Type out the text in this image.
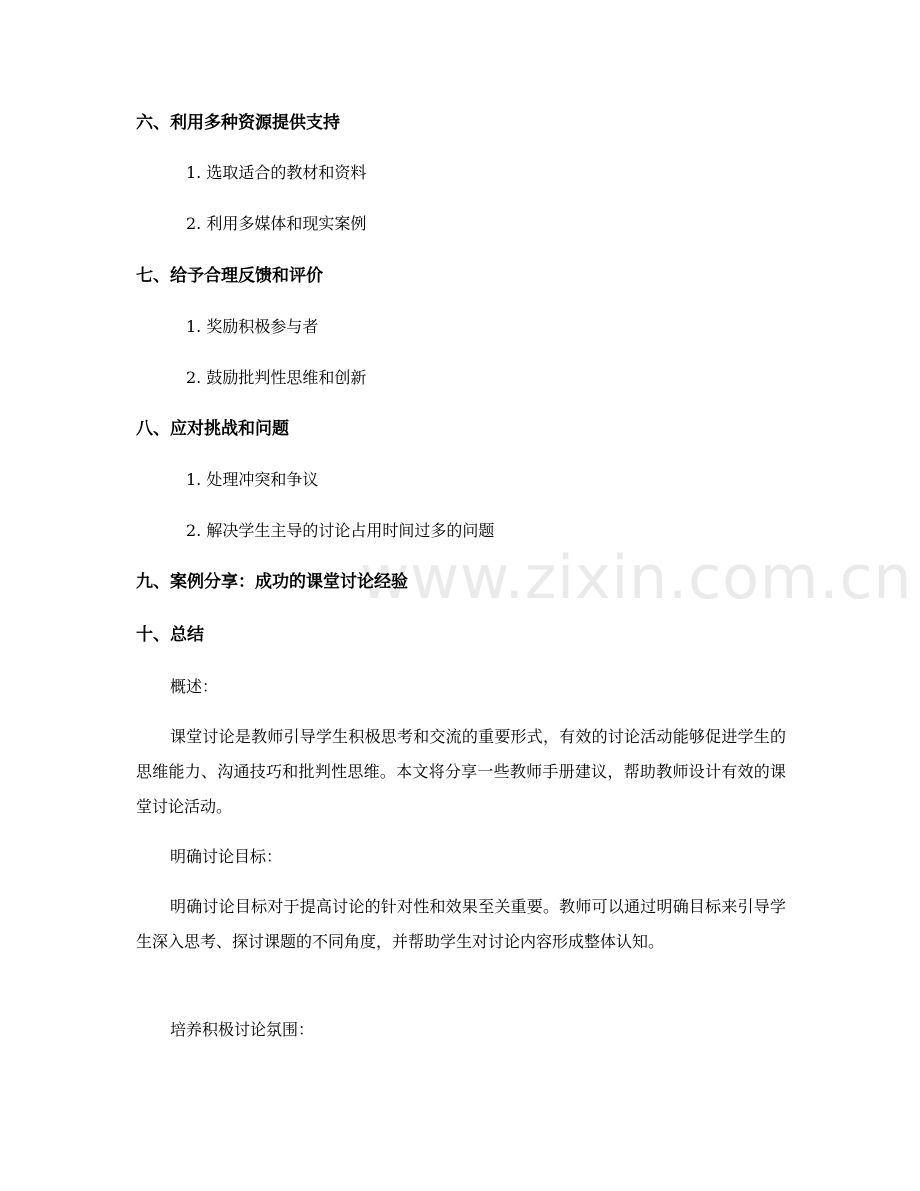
www.zixin.com.cn
六、利用多种资源提供支持
1. 选取适合的教材和资料
2. 利用多媒体和现实案例
七、给予合理反馈和评价
1. 奖励积极参与者
2. 鼓励批判性思维和创新
八、应对挑战和问题
1. 处理冲突和争议
2. 解决学生主导的讨论占用时间过多的问题
九、案例分享：成功的课堂讨论经验
十、总结
概述：
课堂讨论是教师引导学生积极思考和交流的重要形式，有效的讨论活动能够促进学生的思维能力、沟通技巧和批判性思维。本文将分享一些教师手册建议，帮助教师设计有效的课堂讨论活动。
明确讨论目标：
明确讨论目标对于提高讨论的针对性和效果至关重要。教师可以通过明确目标来引导学生深入思考、探讨课题的不同角度，并帮助学生对讨论内容形成整体认知。
培养积极讨论氛围：
